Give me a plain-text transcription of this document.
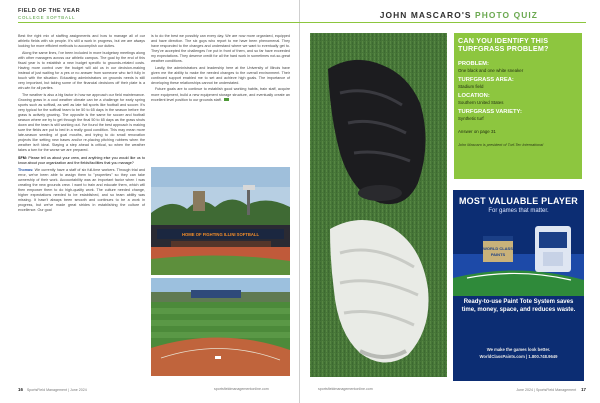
FIELD OF THE YEAR
COLLEGE SOFTBALL

Best the right mix of staffing assignments and how to manage all of our athletic fields with six people. It's still a work in progress, but we are always looking for more efficient methods to accomplish our duties.

Along the same lines, I've been included in more budgetary meetings along with other managers across our athletic campus. The goal by the end of this fiscal year is to establish a new budget specific to grounds-related costs. Having more control over the budget will aid us in our decision-making instead of just waiting for a yes or no answer from someone who isn't fully in touch with the situation. Educating administrators on grounds needs is still very important, but taking some of the financial decisions off their plate is a win-win for all parties.

The weather is also a big factor in how we approach our field maintenance. Growing grass in a cool weather climate can be a challenge for early spring sports such as softball, as well as late fall sports like football and soccer. It's very typical for the softball team to be 50 to 65 days in the season before the grass is actively growing. The opposite is the same for soccer and football season where we try to get through the final 50 to 65 days as the grass shuts down and the team is still working out. I've found the best approach is making sure the fields are put to bed in a really good condition. This may mean more late-season seeding of goal mouths, and trying to do small renovation projects like setting new bases and/or re-placing pitching rubbers when the weather isn't ideal. Staying a step ahead is critical, so when the weather takes a turn for the worse we are prepared.

SFM: Please tell us about your crew, and anything else you would like us to know about your organization and the fields/facilities that you manage?

Thomas: We currently have a staff of six full-time workers. Through trial and error, we've been able to assign them to "properties" so they can take ownership of their work. Accountability was an important factor when I was creating the new grounds crew. I want to train and educate them, which will then empower them to do high-quality work. The culture needed change, higher expectations needed to be established, and so team ability was missing. It hasn't always been smooth and continues to be a work in progress, but we've made great strides in establishing the culture of excellence. Our goal

is to do the best we possibly can every day. We are now more organized, equipped and have direction. The six guys who report to me have been phenomenal. They have responded to the changes and understand where we want to eventually get to. They've accepted the challenges I've put in front of them, and so far have exceeded my expectations. They deserve credit for all the hard work in sometimes not-so-great weather conditions.

Lastly, the administrators and leadership here at the University of Illinois have given me the ability to make the needed changes to the overall environment. Their continued support enabled me to set and achieve high goals. The importance of developing these relationships cannot be understated.

Future goals are to continue to establish good working habits, train staff, acquire more equipment, build a new equipment storage structure, and eventually create an excellent level position to our grounds staff.

HOME OF FIGHTING ILLINI SOFTBALL
JOHN MASCARO'S PHOTO QUIZ
CAN YOU IDENTIFY THIS TURFGRASS PROBLEM?
PROBLEM:
One black and one white sneaker
TURFGRASS AREA:
Stadium field
LOCATION:
Southern United States
TURFGRASS VARIETY:
Synthetic turf
Answer on page 31
John Mascaro is president of Turf-Tec International
MOST VALUABLE PLAYER
For games that matter.
WORLD CLASS
PAINTS
Ready-to-use Paint Tote System saves time, money, space, and reduces waste.
We make the games look better.
WorldClassPaints.com | 1.800.748.9649
16 SportsField Management | June 2024	sportsfieldmanagementonline.com	sportsfieldmanagementonline.com	June 2024 | SportsField Management 17
